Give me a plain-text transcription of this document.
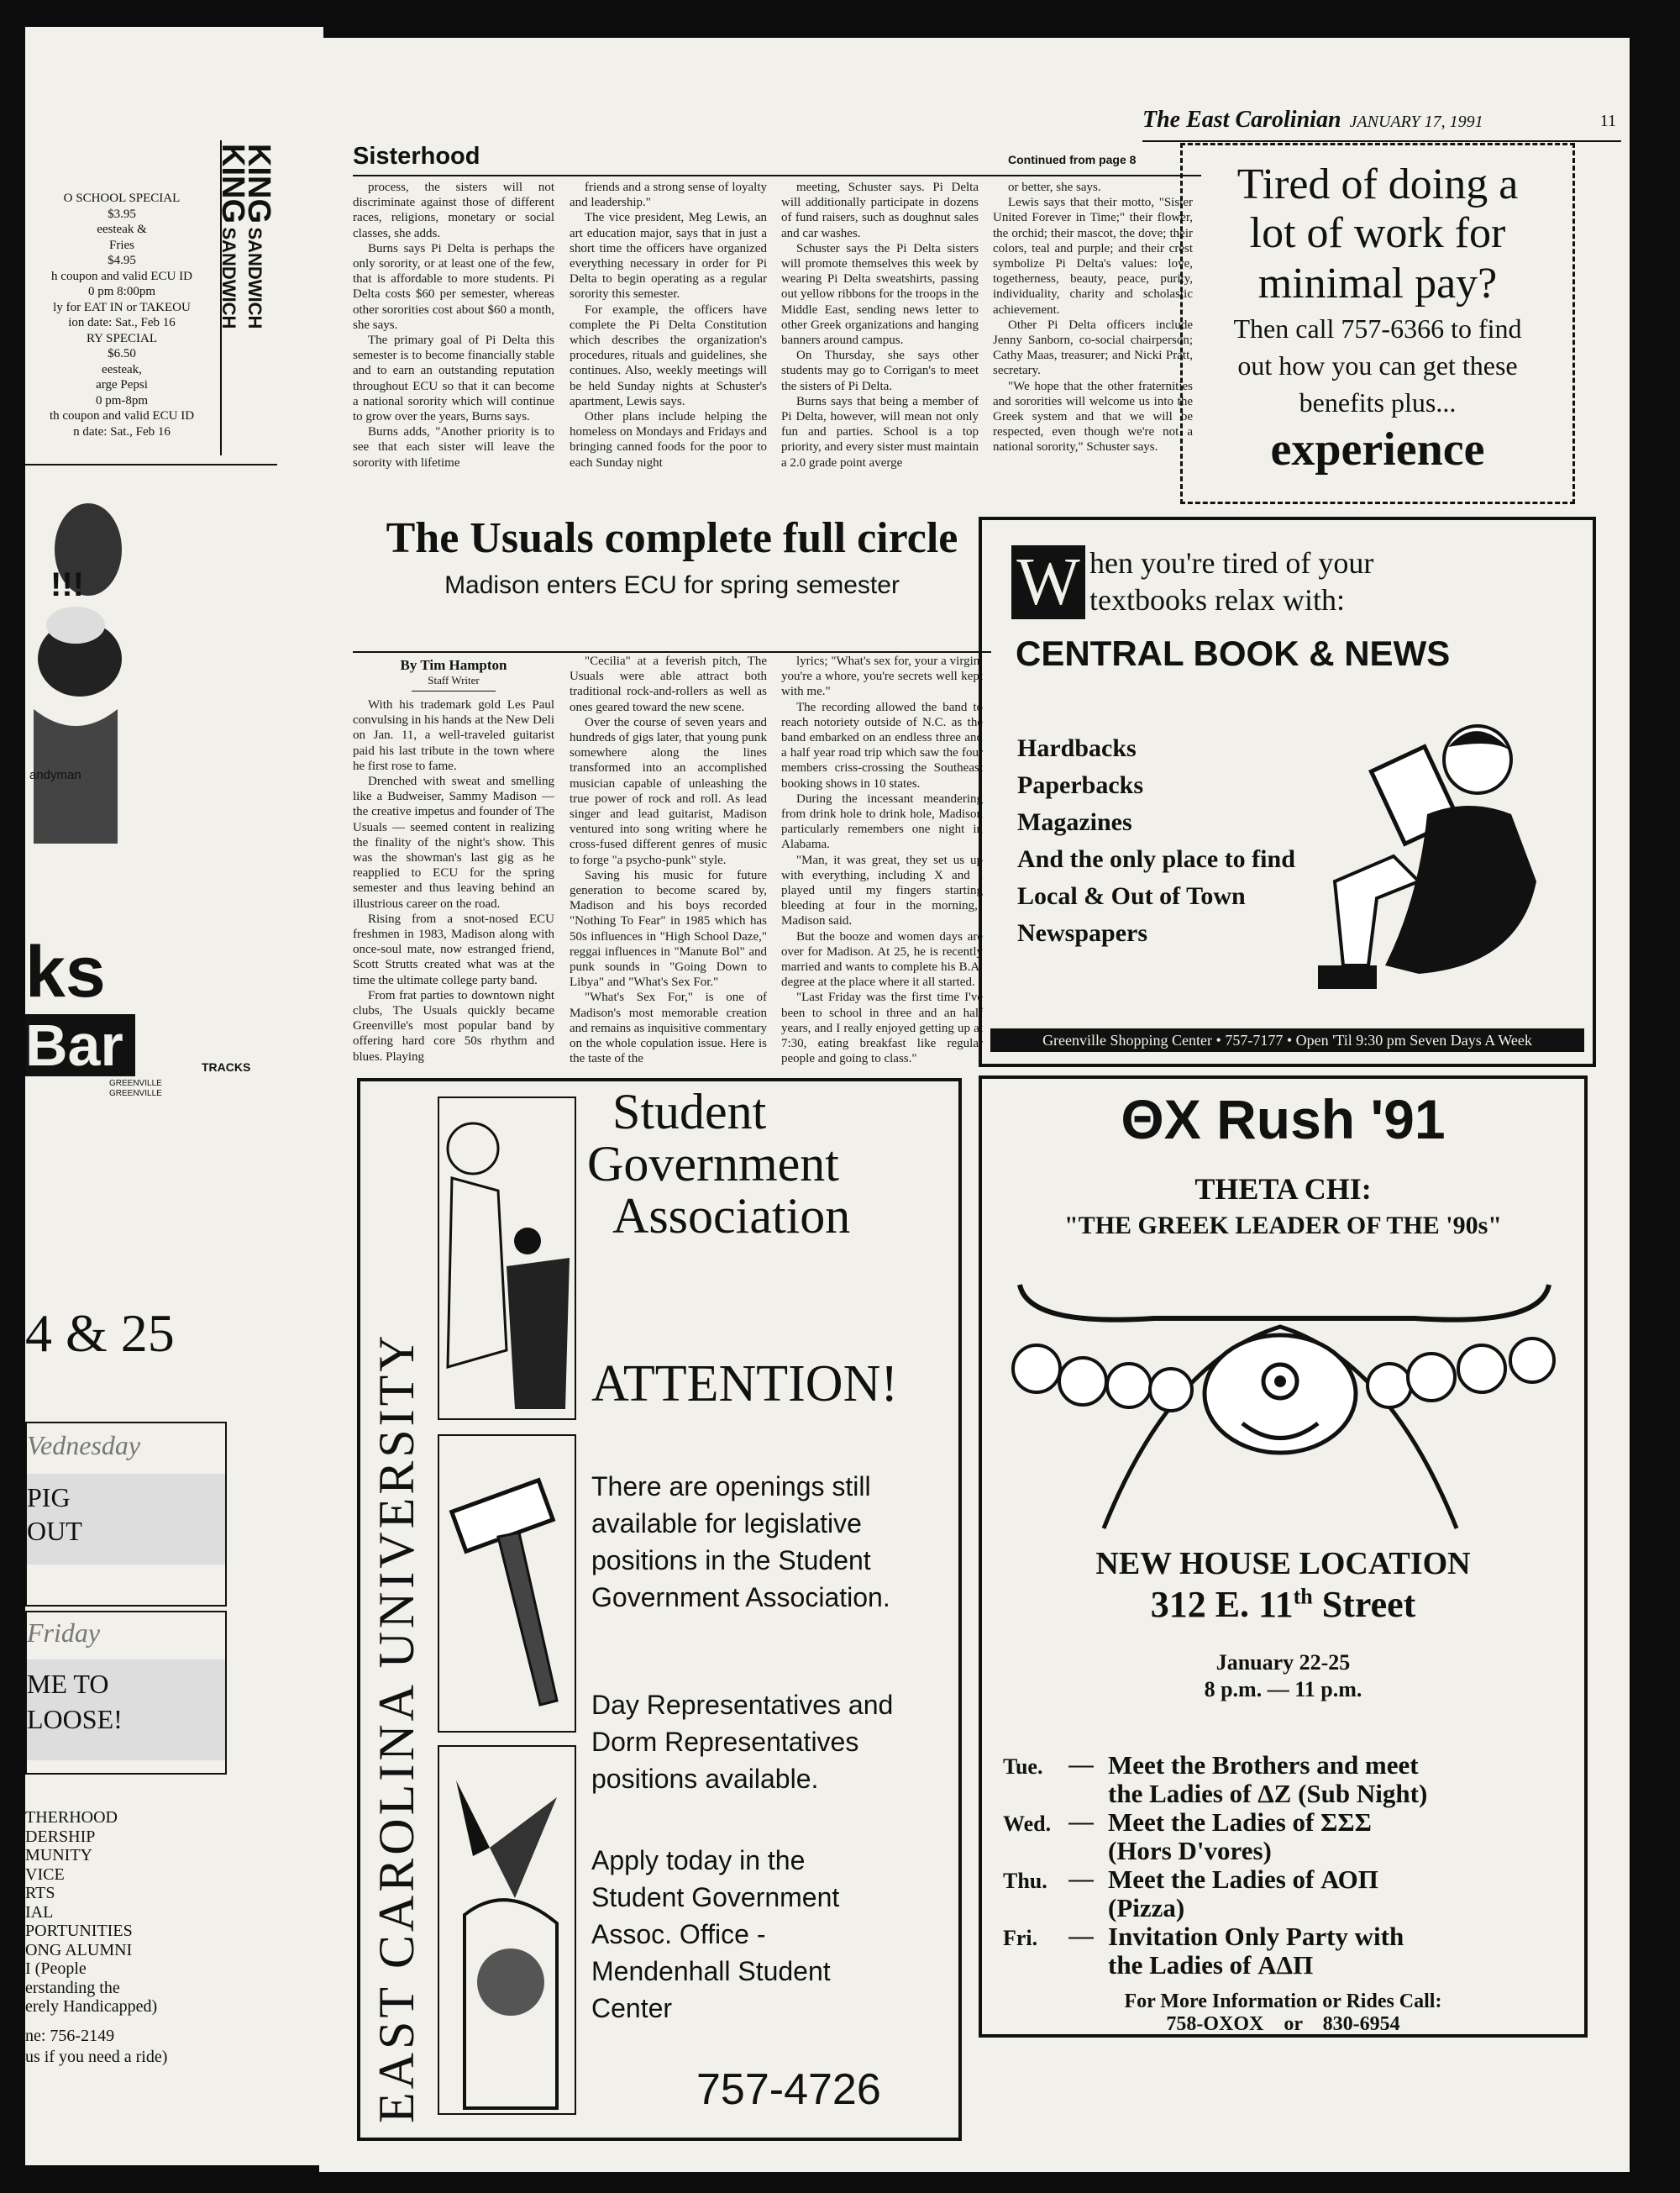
O SCHOOL SPECIAL
$3.95
eesteak &
Fries
$4.95
h coupon and valid ECU ID
0 pm 8:00pm
ly for EAT IN or TAKEOU
ion date: Sat., Feb 16
RY SPECIAL
$6.50
eesteak,
arge Pepsi
0 pm-8pm
th coupon and valid ECU ID
n date: Sat., Feb 16
KING SANDWICH
KING SANDWICH
!!!
andyman
ks
Bar	TRACKS
GREENVILLE
GREENVILLE
4 & 25
Vednesday
PIG
OUT
Friday
ME TO
LOOSE!
THERHOOD
DERSHIP
MUNITY
VICE
RTS
IAL
PORTUNITIES
ONG ALUMNI
I (People
erstanding the
erely Handicapped)
ne: 756-2149
us if you need a ride)
The East Carolinian JANUARY 17, 1991	11
Sisterhood	Continued from page 8

process, the sisters will not discriminate against those of different races, religions, monetary or social classes, she adds.

Burns says Pi Delta is perhaps the only sorority, or at least one of the few, that is affordable to more students. Pi Delta costs $60 per semester, whereas other sororities cost about $60 a month, she says.

The primary goal of Pi Delta this semester is to become financially stable and to earn an outstanding reputation throughout ECU so that it can become a national sorority which will continue to grow over the years, Burns says.

Burns adds, "Another priority is to see that each sister will leave the sorority with lifetime

friends and a strong sense of loyalty and leadership."

The vice president, Meg Lewis, an art education major, says that in just a short time the officers have organized everything necessary in order for Pi Delta to begin operating as a regular sorority this semester.

For example, the officers have complete the Pi Delta Constitution which describes the organization's procedures, rituals and guidelines, she continues. Also, weekly meetings will be held Sunday nights at Schuster's apartment, Lewis says.

Other plans include helping the homeless on Mondays and Fridays and bringing canned foods for the poor to each Sunday night

meeting, Schuster says. Pi Delta will additionally participate in dozens of fund raisers, such as doughnut sales and car washes.

Schuster says the Pi Delta sisters will promote themselves this week by wearing Pi Delta sweatshirts, passing out yellow ribbons for the troops in the Middle East, sending news letter to other Greek organizations and hanging banners around campus.

On Thursday, she says other students may go to Corrigan's to meet the sisters of Pi Delta.

Burns says that being a member of Pi Delta, however, will mean not only fun and parties. School is a top priority, and every sister must maintain a 2.0 grade point averge

or better, she says.

Lewis says that their motto, "Sister United Forever in Time;" their flower, the orchid; their mascot, the dove; their colors, teal and purple; and their crest symbolize Pi Delta's values: love, togetherness, beauty, peace, purity, individuality, charity and scholastic achievement.

Other Pi Delta officers include Jenny Sanborn, co-social chairperson; Cathy Maas, treasurer; and Nicki Pratt, secretary.

"We hope that the other fraternities and sororities will welcome us into the Greek system and that we will be respected, even though we're not a national sorority," Schuster says.

Tired of doing a
lot of work for
minimal pay?
Then call 757-6366 to find
out how you can get these
benefits plus...
experience
The Usuals complete full circle
Madison enters ECU for spring semester
By Tim Hampton
Staff Writer

With his trademark gold Les Paul convulsing in his hands at the New Deli on Jan. 11, a well-traveled guitarist paid his last tribute in the town where he first rose to fame.

Drenched with sweat and smelling like a Budweiser, Sammy Madison — the creative impetus and founder of The Usuals — seemed content in realizing the finality of the night's show. This was the showman's last gig as he reapplied to ECU for the spring semester and thus leaving behind an illustrious career on the road.

Rising from a snot-nosed ECU freshmen in 1983, Madison along with once-soul mate, now estranged friend, Scott Strutts created what was at the time the ultimate college party band.

From frat parties to downtown night clubs, The Usuals quickly became Greenville's most popular band by offering hard core 50s rhythm and blues. Playing

"Cecilia" at a feverish pitch, The Usuals were able attract both traditional rock-and-rollers as well as ones geared toward the new scene.

Over the course of seven years and hundreds of gigs later, that young punk somewhere along the lines transformed into an accomplished musician capable of unleashing the true power of rock and roll. As lead singer and lead guitarist, Madison ventured into song writing where he cross-fused different genres of music to forge "a psycho-punk" style.

Saving his music for future generation to become scared by, Madison and his boys recorded "Nothing To Fear" in 1985 which has 50s influences in "High School Daze," reggai influences in "Manute Bol" and punk sounds in "Going Down to Libya" and "What's Sex For."

"What's Sex For," is one of Madison's most memorable creation and remains as inquisitive commentary on the whole copulation issue. Here is the taste of the

lyrics; "What's sex for, your a virgin, you're a whore, you're secrets well kept with me."

The recording allowed the band to reach notoriety outside of N.C. as the band embarked on an endless three and a half year road trip which saw the four members criss-crossing the Southeast booking shows in 10 states.

During the incessant meandering from drink hole to drink hole, Madison particularly remembers one night in Alabama.

"Man, it was great, they set us up with everything, including X and I played until my fingers starting bleeding at four in the morning," Madison said.

But the booze and women days are over for Madison. At 25, he is recently married and wants to complete his B.A. degree at the place where it all started.

"Last Friday was the first time I've been to school in three and an half years, and I really enjoyed getting up at 7:30, eating breakfast like regular people and going to class."

W hen you're tired of your
textbooks relax with:
CENTRAL BOOK & NEWS
Hardbacks
Paperbacks
Magazines
And the only place to find
Local & Out of Town
Newspapers
Greenville Shopping Center • 757-7177 • Open 'Til 9:30 pm Seven Days A Week
EAST CAROLINA UNIVERSITY
Student
Government
Association
ATTENTION!
There are openings still
available for legislative
positions in the Student
Government Association.
Day Representatives and
Dorm Representatives
positions available.
Apply today in the
Student Government
Assoc. Office -
Mendenhall Student
Center
757-4726
ΘX Rush '91
THETA CHI:
"THE GREEK LEADER OF THE '90s"
NEW HOUSE LOCATION
312 E. 11th Street
January 22-25
8 p.m. — 11 p.m.
Tue. — Meet the Brothers and meet
the Ladies of ΔZ (Sub Night)
Wed. — Meet the Ladies of ΣΣΣ
(Hors D'vores)
Thu. — Meet the Ladies of ΑΟΠ
(Pizza)
Fri. — Invitation Only Party with
the Ladies of ΑΔΠ
For More Information or Rides Call:
758-OXOX    or    830-6954
